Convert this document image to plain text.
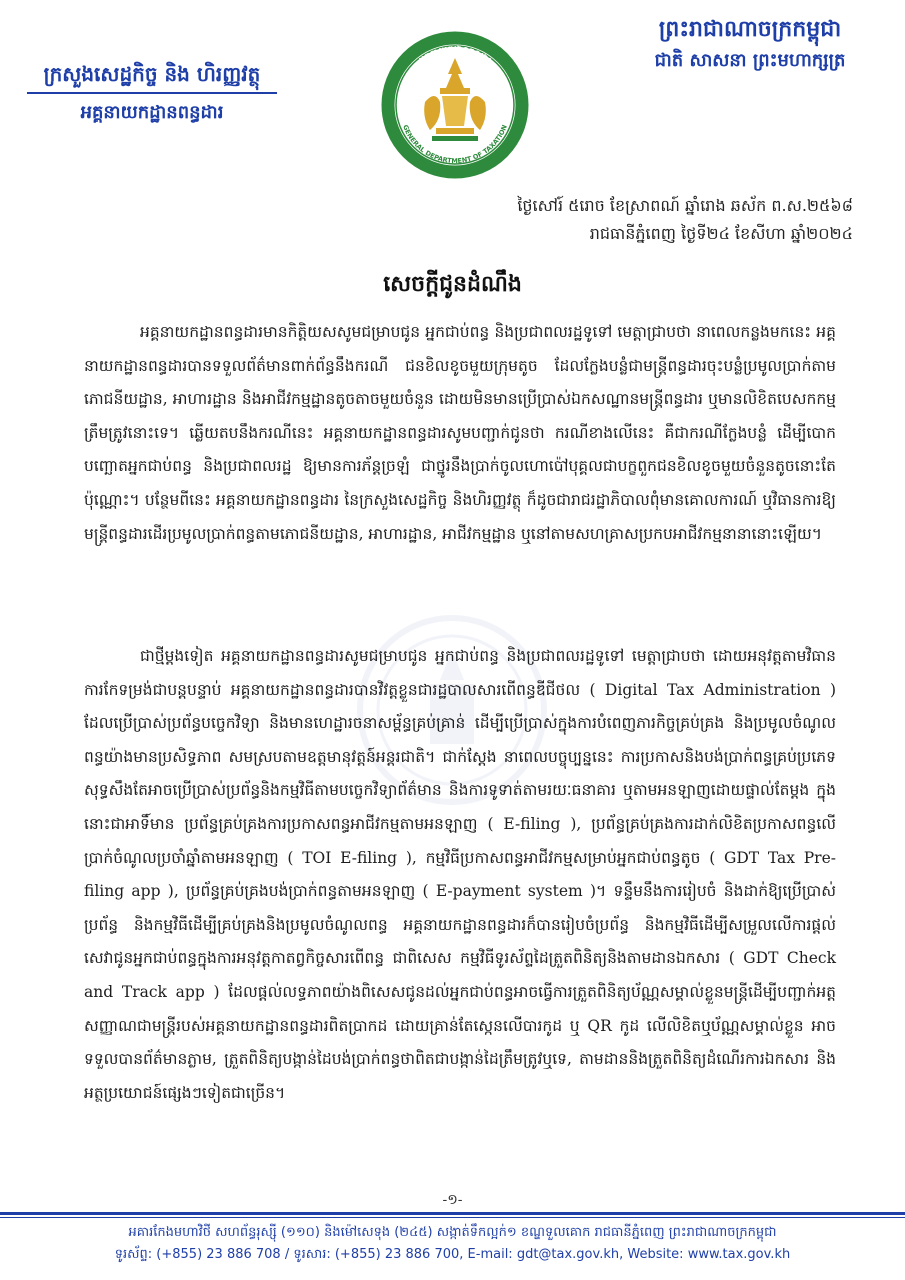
ក្រសួងសេដ្ឋកិច្ច និង ហិរញ្ញវត្ថុ
អគ្គនាយកដ្ឋានពន្ធដារ
ព្រះរាជាណាចក្រកម្ពុជា
ជាតិ សាសនា ព្រះមហាក្សត្រ
អគ្គនាយកដ្ឋានពន្ធដារ
GENERAL DEPARTMENT OF TAXATION
ថ្ងៃសៅរ៍ ៥រោច ខែស្រាពណ៍ ឆ្នាំរោង ឆស័ក ព.ស.២៥៦៨
រាជធានីភ្នំពេញ ថ្ងៃទី២៤ ខែសីហា ឆ្នាំ២០២៤
សេចក្ដីជូនដំណឹង
អគ្គនាយកដ្ឋានពន្ធដារមានកិត្តិយសសូមជម្រាបជូន អ្នកជាប់ពន្ធ និងប្រជាពលរដ្ឋទូទៅ មេត្តាជ្រាបថា នាពេលកន្លងមកនេះ អគ្គនាយកដ្ឋានពន្ធដារបានទទួលព័ត៌មានពាក់ព័ន្ធនឹងករណី ជនខិលខូចមួយក្រុមតូច ដែលក្លែងបន្លំជាមន្ត្រីពន្ធដារចុះបន្លំប្រមូលប្រាក់តាម ភោជនីយដ្ឋាន, អាហារដ្ឋាន និងអាជីវកម្មដ្ឋានតូចតាចមួយចំនួន ដោយមិនមានប្រើប្រាស់ឯកសណ្ឋានមន្ត្រីពន្ធដារ ឬមានលិខិតបេសកកម្មត្រឹមត្រូវនោះទេ។ ឆ្លើយតបនឹងករណីនេះ អគ្គនាយកដ្ឋានពន្ធដារសូមបញ្ជាក់ជូនថា ករណីខាងលើនេះ គឺជាករណីក្លែងបន្លំ ដើម្បីបោកបញ្ឆោតអ្នកជាប់ពន្ធ និងប្រជាពលរដ្ឋ ឱ្យមានការភ័ន្តច្រឡំ ជាថ្នូរនឹងប្រាក់ចូលហោប៉ៅបុគ្គលជាបក្ខពួកជនខិលខូចមួយចំនួនតូចនោះតែប៉ុណ្ណោះ។ បន្ថែមពីនេះ អគ្គនាយកដ្ឋានពន្ធដារ នៃក្រសួងសេដ្ឋកិច្ច និងហិរញ្ញវត្ថុ ក៏ដូចជារាជរដ្ឋាភិបាលពុំមានគោលការណ៍ ឬវិធានការឱ្យមន្ត្រីពន្ធដារដើរប្រមូលប្រាក់ពន្ធតាមភោជនីយដ្ឋាន, អាហារដ្ឋាន, អាជីវកម្មដ្ឋាន ឬនៅតាមសហគ្រាសប្រកបអាជីវកម្មនានានោះឡើយ។
ជាថ្មីម្ដងទៀត អគ្គនាយកដ្ឋានពន្ធដារសូមជម្រាបជូន អ្នកជាប់ពន្ធ និងប្រជាពលរដ្ឋទូទៅ មេត្តាជ្រាបថា ដោយអនុវត្តតាមវិធានការកែទម្រង់ជាបន្តបន្ទាប់ អគ្គនាយកដ្ឋានពន្ធដារបានវិវត្តខ្លួនជារដ្ឋបាលសារពើពន្ធឌីជីថល ( Digital Tax Administration ) ដែលប្រើប្រាស់ប្រព័ន្ធបច្ចេកវិទ្យា និងមានហេដ្ឋារចនាសម្ព័ន្ធគ្រប់គ្រាន់ ដើម្បីប្រើប្រាស់ក្នុងការបំពេញភារកិច្ចគ្រប់គ្រង និងប្រមូលចំណូលពន្ធយ៉ាងមានប្រសិទ្ធភាព សមស្របតាមឧត្តមានុវត្តន៍អន្តរជាតិ។ ជាក់ស្ដែង នាពេលបច្ចុប្បន្ននេះ ការប្រកាសនិងបង់ប្រាក់ពន្ធគ្រប់ប្រភេទ សុទ្ធសឹងតែអាចប្រើប្រាស់ប្រព័ន្ធនិងកម្មវិធីតាមបច្ចេកវិទ្យាព័ត៌មាន និងការទូទាត់តាមរយៈធនាគារ ឬតាមអនឡាញដោយផ្ទាល់តែម្ដង ក្នុងនោះជាអាទិ៍មាន ប្រព័ន្ធគ្រប់គ្រងការប្រកាសពន្ធអាជីវកម្មតាមអនឡាញ ( E-filing ), ប្រព័ន្ធគ្រប់គ្រងការដាក់លិខិតប្រកាសពន្ធលើប្រាក់ចំណូលប្រចាំឆ្នាំតាមអនឡាញ ( TOI E-filing ), កម្មវិធីប្រកាសពន្ធអាជីវកម្មសម្រាប់អ្នកជាប់ពន្ធតូច ( GDT Tax Pre-filing app ), ប្រព័ន្ធគ្រប់គ្រងបង់ប្រាក់ពន្ធតាមអនឡាញ ( E-payment system )។ ទន្ទឹមនឹងការរៀបចំ និងដាក់ឱ្យប្រើប្រាស់ប្រព័ន្ធ និងកម្មវិធីដើម្បីគ្រប់គ្រងនិងប្រមូលចំណូលពន្ធ អគ្គនាយកដ្ឋានពន្ធដារក៏បានរៀបចំប្រព័ន្ធ និងកម្មវិធីដើម្បីសម្រួលលើការផ្ដល់សេវាជូនអ្នកជាប់ពន្ធក្នុងការអនុវត្តកាតព្វកិច្ចសារពើពន្ធ ជាពិសេស កម្មវិធីទូរស័ព្ទដៃត្រួតពិនិត្យនិងតាមដានឯកសារ ( GDT Check and Track app ) ដែលផ្ដល់លទ្ធភាពយ៉ាងពិសេសជូនដល់អ្នកជាប់ពន្ធអាចធ្វើការត្រួតពិនិត្យប័ណ្ណសម្គាល់ខ្លួនមន្ត្រីដើម្បីបញ្ជាក់អត្តសញ្ញាណជាមន្ត្រីរបស់អគ្គនាយកដ្ឋានពន្ធដារពិតប្រាកដ ដោយគ្រាន់តែស្កេនលើបារកូដ ឬ QR កូដ លើលិខិតឬប័ណ្ណសម្គាល់ខ្លួន អាចទទួលបានព័ត៌មានភ្លាម, ត្រួតពិនិត្យបង្កាន់ដៃបង់ប្រាក់ពន្ធថាពិតជាបង្កាន់ដៃត្រឹមត្រូវឬទេ, តាមដាននិងត្រួតពិនិត្យដំណើរការឯកសារ និងអត្ថប្រយោជន៍ផ្សេងៗទៀតជាច្រើន។
-១-
អគារកែងមហាវិថី សហព័ន្ធរុស្ស៊ី (១១០) និងម៉ៅសេទុង (២៤៥) សង្កាត់ទឹកល្អក់១ ខណ្ឌទួលគោក រាជធានីភ្នំពេញ ព្រះរាជាណាចក្រកម្ពុជា
ទូរស័ព្ទ: (+855) 23 886 708 / ទូរសារ: (+855) 23 886 700, E-mail: gdt@tax.gov.kh, Website: www.tax.gov.kh
